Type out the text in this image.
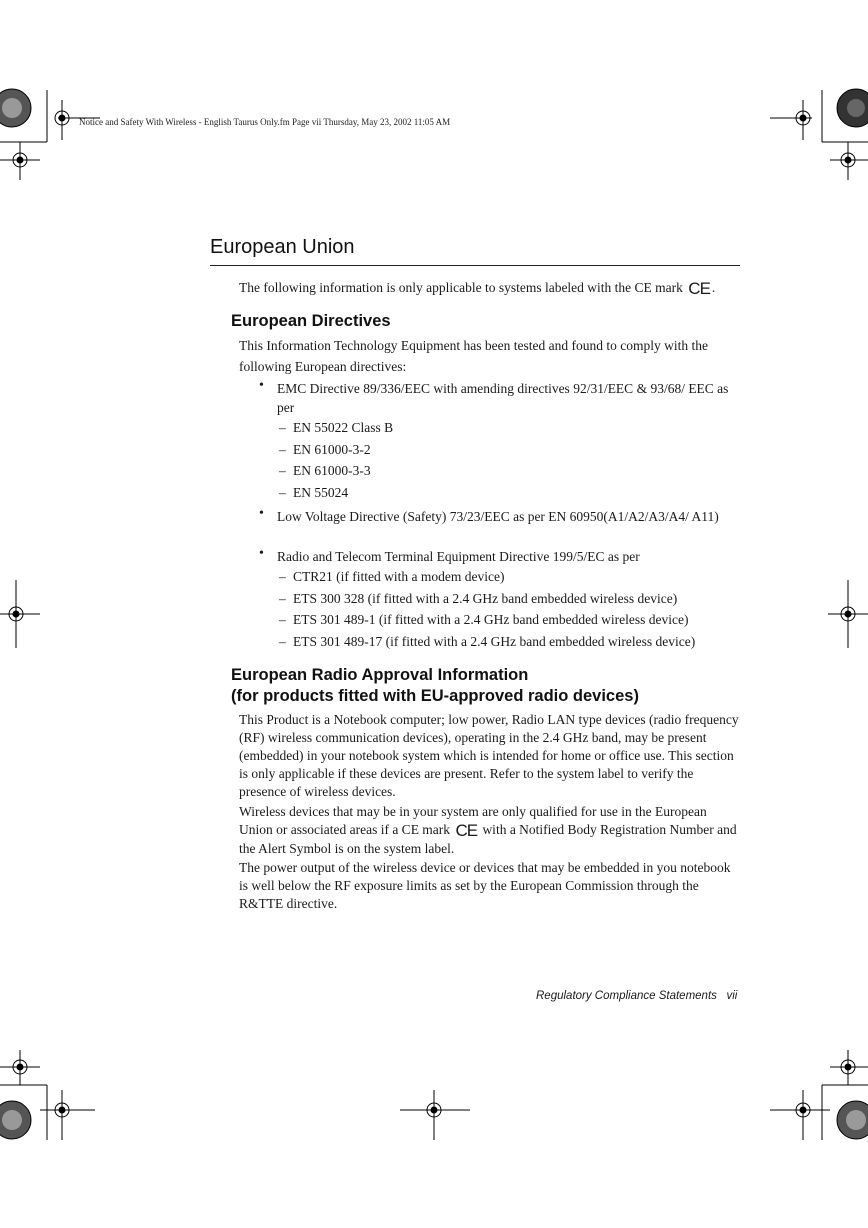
Notice and Safety With Wireless - English Taurus Only.fm Page vii Thursday, May 23, 2002 11:05 AM
European Union
The following information is only applicable to systems labeled with the CE mark CE .
European Directives
This Information Technology Equipment has been tested and found to comply with the
following European directives:
• EMC Directive 89/336/EEC with amending directives 92/31/EEC & 93/68/ EEC as per
– EN 55022 Class B
– EN 61000-3-2
– EN 61000-3-3
– EN 55024
• Low Voltage Directive (Safety) 73/23/EEC as per EN 60950(A1/A2/A3/A4/ A11)
• Radio and Telecom Terminal Equipment Directive 199/5/EC as per
– CTR21 (if fitted with a modem device)
– ETS 300 328 (if fitted with a 2.4 GHz band embedded wireless device)
– ETS 301 489-1 (if fitted with a 2.4 GHz band embedded wireless device)
– ETS 301 489-17 (if fitted with a 2.4 GHz band embedded wireless device)
European Radio Approval Information
(for products fitted with EU-approved radio devices)
This Product is a Notebook computer; low power, Radio LAN type devices (radio frequency (RF) wireless communication devices), operating in the 2.4 GHz band, may be present (embedded) in your notebook system which is intended for home or office use. This section is only applicable if these devices are present. Refer to the system label to verify the presence of wireless devices.
Wireless devices that may be in your system are only qualified for use in the European Union or associated areas if a CE mark CE with a Notified Body Registration Number and the Alert Symbol is on the system label.
The power output of the wireless device or devices that may be embedded in you notebook is well below the RF exposure limits as set by the European Commission through the R&TTE directive.
Regulatory Compliance Statements vii
